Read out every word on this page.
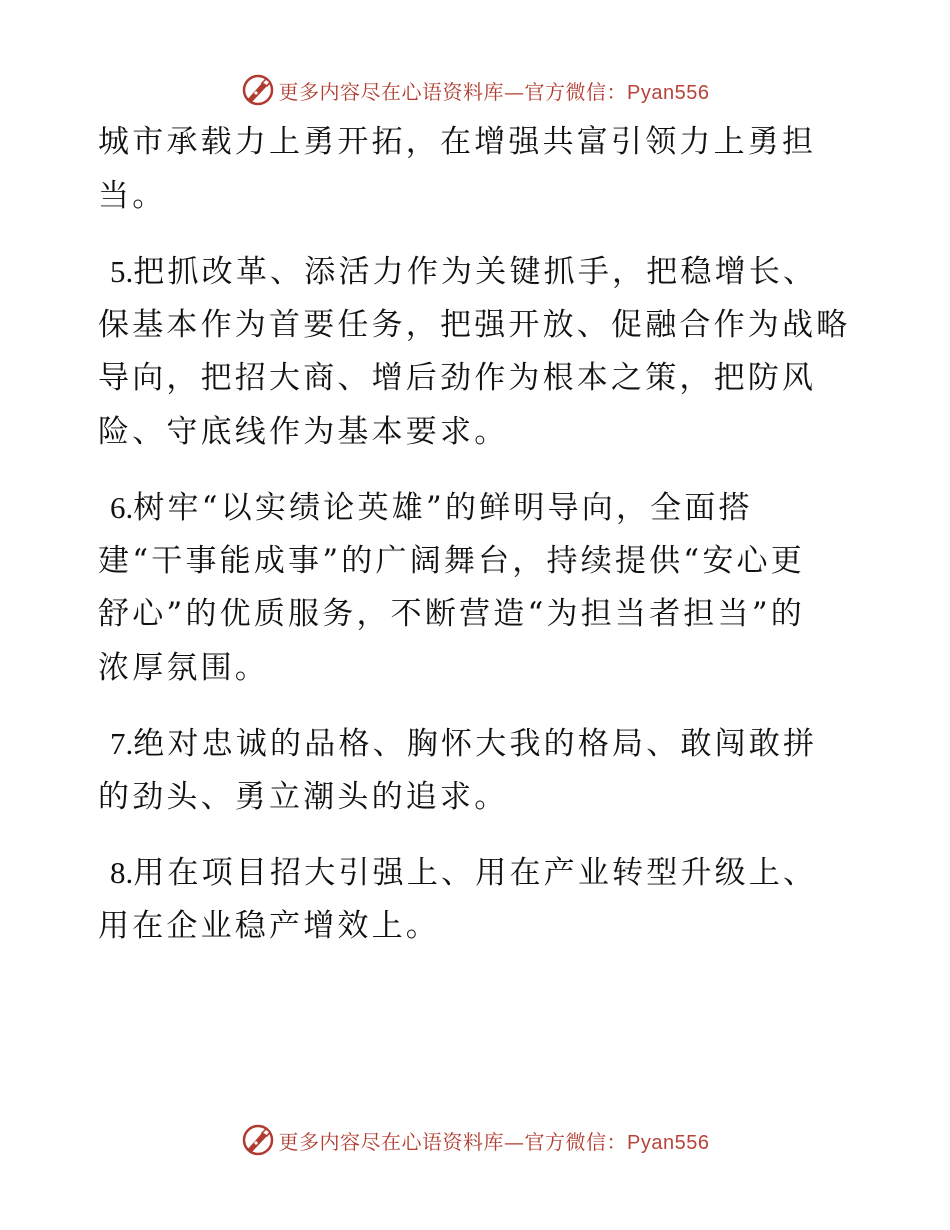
更多内容尽在心语资料库—官方微信：Pyan556
城市承载力上勇开拓，在增强共富引领力上勇担
当。
5.把抓改革、添活力作为关键抓手，把稳增长、
保基本作为首要任务，把强开放、促融合作为战略
导向，把招大商、增后劲作为根本之策，把防风
险、守底线作为基本要求。
6.树牢“以实绩论英雄”的鲜明导向，全面搭
建“干事能成事”的广阔舞台，持续提供“安心更
舒心”的优质服务，不断营造“为担当者担当”的
浓厚氛围。
7.绝对忠诚的品格、胸怀大我的格局、敢闯敢拼
的劲头、勇立潮头的追求。
8.用在项目招大引强上、用在产业转型升级上、
用在企业稳产增效上。
更多内容尽在心语资料库—官方微信：Pyan556
